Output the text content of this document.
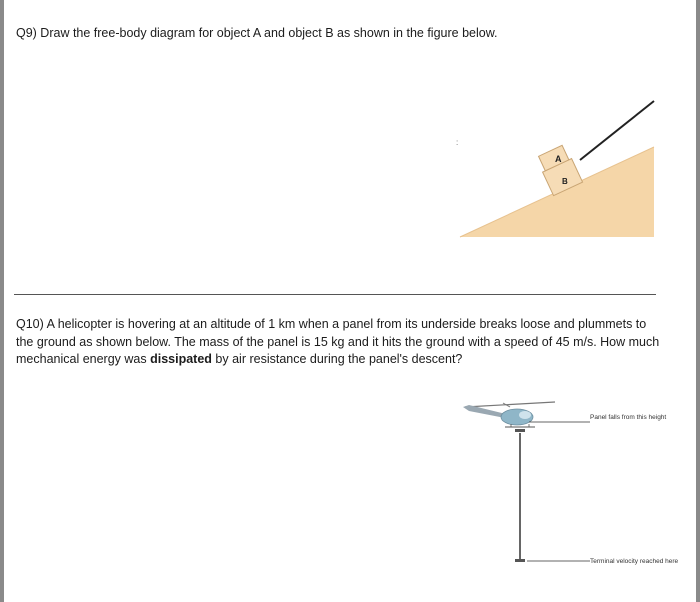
Q9) Draw the free-body diagram for object A and object B as shown in the figure below.
A
B
:
Q10) A helicopter is hovering at an altitude of 1 km when a panel from its underside breaks loose and plummets to the ground as shown below. The mass of the panel is 15 kg and it hits the ground with a speed of 45 m/s. How much mechanical energy was dissipated by air resistance during the panel's descent?
Panel falls from this height
Terminal velocity reached here
